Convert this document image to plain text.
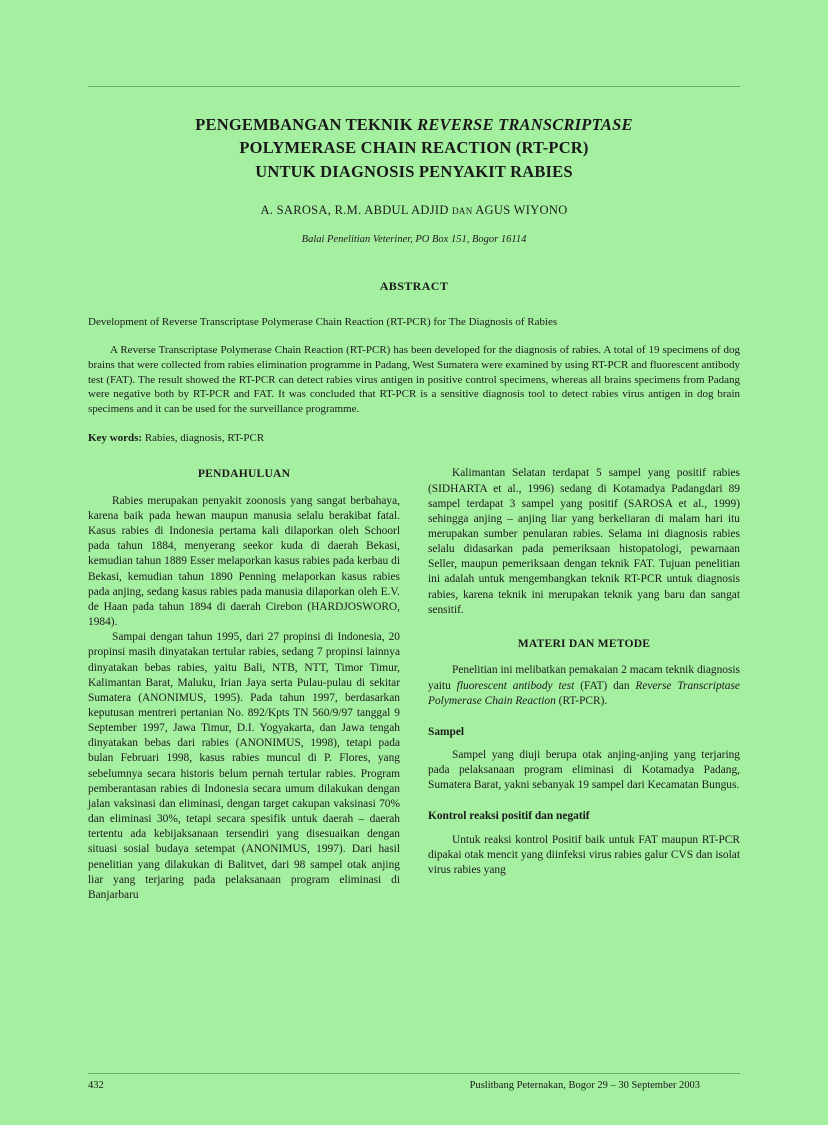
PENGEMBANGAN TEKNIK REVERSE TRANSCRIPTASE
POLYMERASE CHAIN REACTION (RT-PCR)
UNTUK DIAGNOSIS PENYAKIT RABIES
A. SAROSA, R.M. ABDUL ADJID dan AGUS WIYONO
Balai Penelitian Veteriner, PO Box 151, Bogor 16114
ABSTRACT
Development of Reverse Transcriptase Polymerase Chain Reaction (RT-PCR) for The Diagnosis of Rabies
A Reverse Transcriptase Polymerase Chain Reaction (RT-PCR) has been developed for the diagnosis of rabies. A total of 19 specimens of dog brains that were collected from rabies elimination programme in Padang, West Sumatera were examined by using RT-PCR and fluorescent antibody test (FAT). The result showed the RT-PCR can detect rabies virus antigen in positive control specimens, whereas all brains specimens from Padang were negative both by RT-PCR and FAT. It was concluded that RT-PCR is a sensitive diagnosis tool to detect rabies virus antigen in dog brain specimens and it can be used for the surveillance programme.
Key words: Rabies, diagnosis, RT-PCR
PENDAHULUAN

Rabies merupakan penyakit zoonosis yang sangat berbahaya, karena baik pada hewan maupun manusia selalu berakibat fatal. Kasus rabies di Indonesia pertama kali dilaporkan oleh Schoorl pada tahun 1884, menyerang seekor kuda di daerah Bekasi, kemudian tahun 1889 Esser melaporkan kasus rabies pada kerbau di Bekasi, kemudian tahun 1890 Penning melaporkan kasus rabies pada anjing, sedang kasus rabies pada manusia dilaporkan oleh E.V. de Haan pada tahun 1894 di daerah Cirebon (HARDJOSWORO, 1984).

Sampai dengan tahun 1995, dari 27 propinsi di Indonesia, 20 propinsi masih dinyatakan tertular rabies, sedang 7 propinsi lainnya dinyatakan bebas rabies, yaitu Bali, NTB, NTT, Timor Timur, Kalimantan Barat, Maluku, Irian Jaya serta Pulau-pulau di sekitar Sumatera (ANONIMUS, 1995). Pada tahun 1997, berdasarkan keputusan mentreri pertanian No. 892/Kpts TN 560/9/97 tanggal 9 September 1997, Jawa Timur, D.I. Yogyakarta, dan Jawa tengah dinyatakan bebas dari rabies (ANONIMUS, 1998), tetapi pada bulan Februari 1998, kasus rabies muncul di P. Flores, yang sebelumnya secara historis belum pernah tertular rabies. Program pemberantasan rabies di Indonesia secara umum dilakukan dengan jalan vaksinasi dan eliminasi, dengan target cakupan vaksinasi 70% dan eliminasi 30%, tetapi secara spesifik untuk daerah – daerah tertentu ada kebijaksanaan tersendiri yang disesuaikan dengan situasi sosial budaya setempat (ANONIMUS, 1997). Dari hasil penelitian yang dilakukan di Balitvet, dari 98 sampel otak anjing liar yang terjaring pada pelaksanaan program eliminasi di Banjarbaru

Kalimantan Selatan terdapat 5 sampel yang positif rabies (SIDHARTA et al., 1996) sedang di Kotamadya Padangdari 89 sampel terdapat 3 sampel yang positif (SAROSA et al., 1999) sehingga anjing – anjing liar yang berkeliaran di malam hari itu merupakan sumber penularan rabies. Selama ini diagnosis rabies selalu didasarkan pada pemeriksaan histopatologi, pewarnaan Seller, maupun pemeriksaan dengan teknik FAT. Tujuan penelitian ini adalah untuk mengembangkan teknik RT-PCR untuk diagnosis rabies, karena teknik ini merupakan teknik yang baru dan sangat sensitif.

MATERI DAN METODE

Penelitian ini melibatkan pemakaian 2 macam teknik diagnosis yaitu fluorescent antibody test (FAT) dan Reverse Transcriptase Polymerase Chain Reaction (RT-PCR).

Sampel

Sampel yang diuji berupa otak anjing-anjing yang terjaring pada pelaksanaan program eliminasi di Kotamadya Padang, Sumatera Barat, yakni sebanyak 19 sampel dari Kecamatan Bungus.

Kontrol reaksi positif dan negatif

Untuk reaksi kontrol Positif baik untuk FAT maupun RT-PCR dipakai otak mencit yang diinfeksi virus rabies galur CVS dan isolat virus rabies yang

432	Puslitbang Peternakan, Bogor 29 – 30 September 2003
